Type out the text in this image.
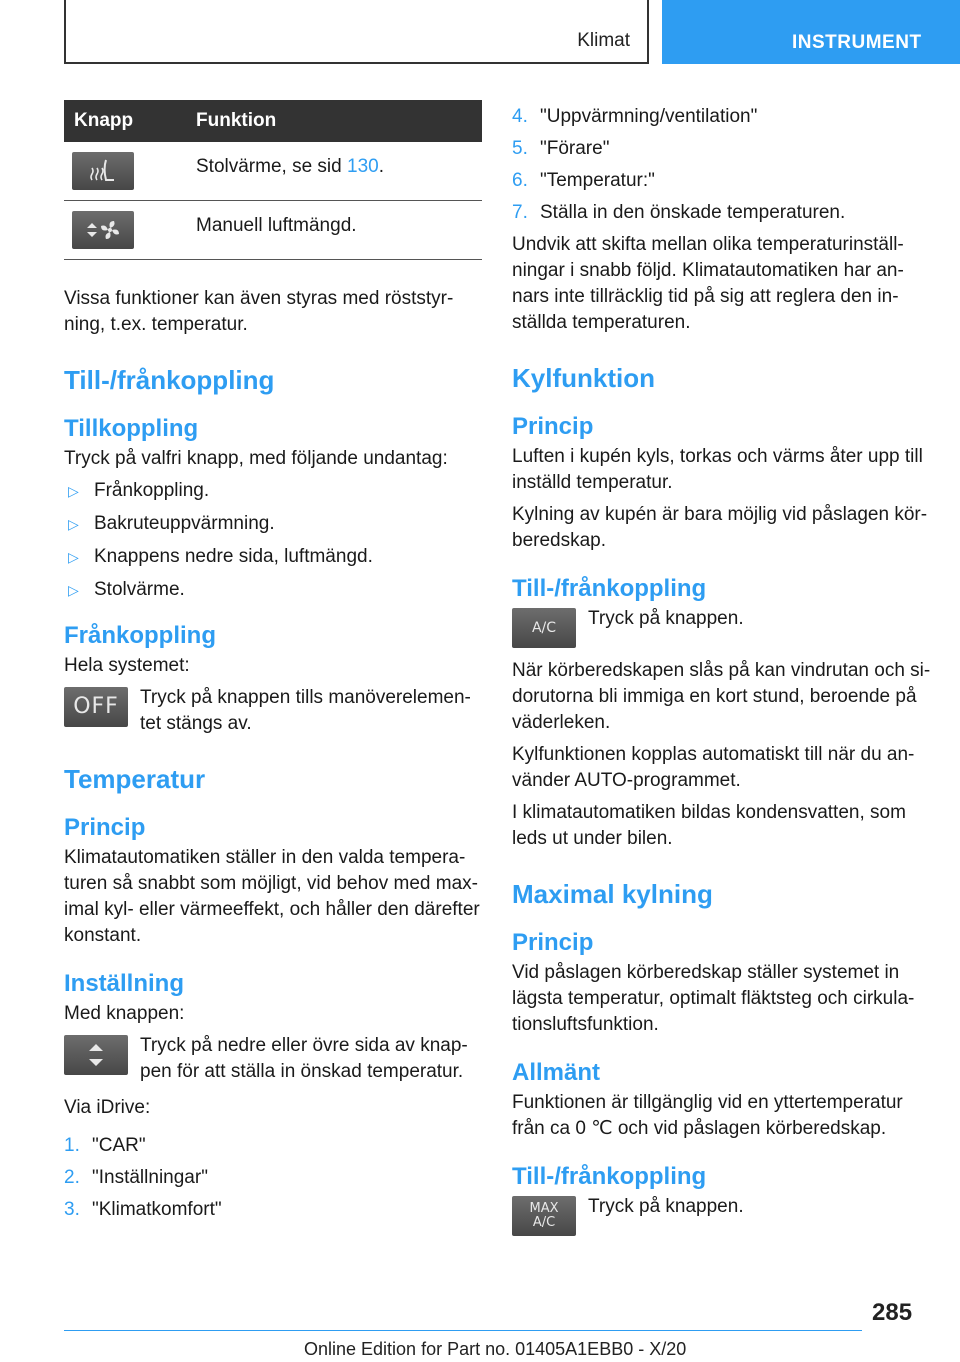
Klimat	INSTRUMENT
Knapp	Funktion

	Stolvärme, se sid 130.

	Manuell luftmängd.

Vissa funktioner kan även styras med röststyr-ning, t.ex. temperatur.

Till-/frånkoppling
Tillkoppling

Tryck på valfri knapp, med följande undantag:

▷ Frånkoppling.
▷ Bakruteuppvärmning.
▷ Knappens nedre sida, luftmängd.
▷ Stolvärme.
Frånkoppling

Hela systemet:

OFF Tryck på knappen tills manöverelemen-tet stängs av.
Temperatur
Princip

Klimatautomatiken ställer in den valda tempera-turen så snabbt som möjligt, vid behov med max-imal kyl- eller värmeeffekt, och håller den därefter konstant.

Inställning

Med knappen:

Tryck på nedre eller övre sida av knap-pen för att ställa in önskad temperatur.

Via iDrive:

1. "CAR"
2. "Inställningar"
3. "Klimatkomfort"
4. "Uppvärmning/ventilation"
5. "Förare"
6. "Temperatur:"
7. Ställa in den önskade temperaturen.

Undvik att skifta mellan olika temperaturinställ-ningar i snabb följd. Klimatautomatiken har an-nars inte tillräcklig tid på sig att reglera den in-ställda temperaturen.

Kylfunktion
Princip

Luften i kupén kyls, torkas och värms åter upp till inställd temperatur.

Kylning av kupén är bara möjlig vid påslagen kör-beredskap.

Till-/frånkoppling
A/C Tryck på knappen.

När körberedskapen slås på kan vindrutan och si-dorutorna bli immiga en kort stund, beroende på väderleken.

Kylfunktionen kopplas automatiskt till när du an-vänder AUTO-programmet.

I klimatautomatiken bildas kondensvatten, som leds ut under bilen.

Maximal kylning
Princip

Vid påslagen körberedskap ställer systemet in lägsta temperatur, optimalt fläktsteg och cirkula-tionsluftsfunktion.

Allmänt

Funktionen är tillgänglig vid en yttertemperatur från ca 0 ℃ och vid påslagen körberedskap.

Till-/frånkoppling
MAX
A/C
Tryck på knappen.
285
Online Edition for Part no. 01405A1EBB0 - X/20
